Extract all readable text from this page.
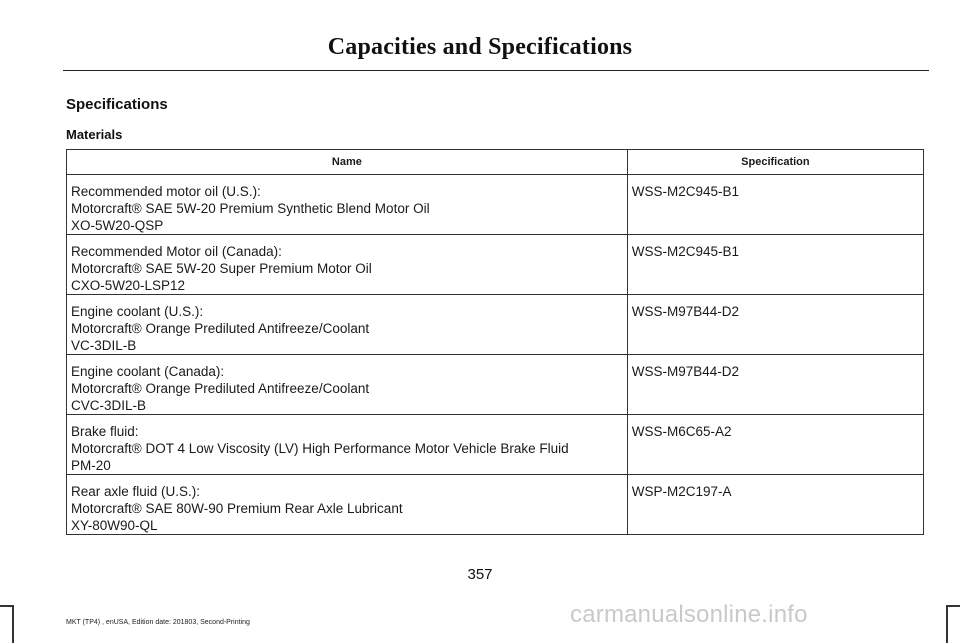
Capacities and Specifications
Specifications
Materials
Name	Specification

Recommended motor oil (U.S.):
Motorcraft® SAE 5W-20 Premium Synthetic Blend Motor Oil
XO-5W20-QSP	WSS-M2C945-B1

Recommended Motor oil (Canada):
Motorcraft® SAE 5W-20 Super Premium Motor Oil
CXO-5W20-LSP12	WSS-M2C945-B1

Engine coolant (U.S.):
Motorcraft® Orange Prediluted Antifreeze/Coolant
VC-3DIL-B	WSS-M97B44-D2

Engine coolant (Canada):
Motorcraft® Orange Prediluted Antifreeze/Coolant
CVC-3DIL-B	WSS-M97B44-D2

Brake fluid:
Motorcraft® DOT 4 Low Viscosity (LV) High Performance Motor Vehicle Brake Fluid
PM-20	WSS-M6C65-A2

Rear axle fluid (U.S.):
Motorcraft® SAE 80W-90 Premium Rear Axle Lubricant
XY-80W90-QL	WSP-M2C197-A
357
MKT (TP4) , enUSA, Edition date: 201803, Second-Printing	carmanualsonline.info
